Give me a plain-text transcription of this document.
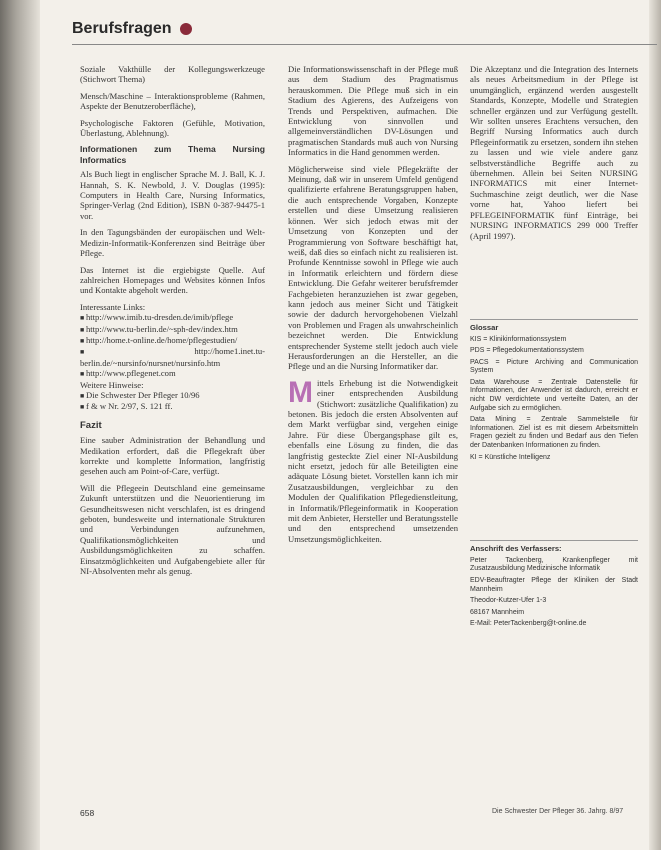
Berufsfragen

Soziale Vakthülle der Kollegungswerkzeuge (Stichwort Thema)

Mensch/Maschine – Interaktionsprobleme (Rahmen, Aspekte der Benutzeroberfläche),

Psychologische Faktoren (Gefühle, Motivation, Überlastung, Ablehnung).

Informationen zum Thema Nursing Informatics

Als Buch liegt in englischer Sprache M. J. Ball, K. J. Hannah, S. K. Newbold, J. V. Douglas (1995): Computers in Health Care, Nursing Informatics, Springer-Verlag (2nd Edition), ISBN 0-387-94475-1 vor.

In den Tagungsbänden der europäischen und Welt-Medizin-Informatik-Konferenzen sind Beiträge über Pflege.

Das Internet ist die ergiebigste Quelle. Auf zahlreichen Homepages und Websites können Infos und Kontakte abgeholt werden.

Interessante Links:
■ http://www.imib.tu-dresden.de/imib/pflege
■ http://www.tu-berlin.de/~sph-dev/index.htm
■ http://home.t-online.de/home/pflegestudien/
■ http://home1.inet.tu-berlin.de/~nursinfo/nursnet/nursinfo.htm
■ http://www.pflegenet.com
Weitere Hinweise:
■ Die Schwester Der Pfleger 10/96
■ f & w Nr. 2/97, S. 121 ff.
Fazit

Eine sauber Administration der Behandlung und Medikation erfordert, daß die Pflegekraft über korrekte und komplette Information, langfristig gesehen auch am Point-of-Care, verfügt.

Will die Pflegeein Deutschland eine gemeinsame Zukunft unterstützen und die Neuorientierung im Gesundheitswesen nicht verschlafen, ist es dringend geboten, bundesweite und internationale Strukturen und Verbindungen aufzunehmen, Qualifikationsmöglichkeiten und Ausbildungsmöglichkeiten zu schaffen. Einsatzmöglichkeiten und Aufgabengebiete aller für NI-Absolventen mehr als genug.

Die Informationswissenschaft in der Pflege muß aus dem Stadium des Pragmatismus herauskommen. Die Pflege muß sich in ein Stadium des Agierens, des Aufzeigens von Trends und Perspektiven, aufmachen. Die Entwicklung von sinnvollen und allgemeinverständlichen DV-Lösungen und pragmatischen Standards muß auch von Nursing Informatics in die Hand genommen werden.

Möglicherweise sind viele Pflegekräfte der Meinung, daß wir in unserem Umfeld genügend qualifizierte erfahrene Beratungsgruppen haben, die auch entsprechende Vorgaben, Konzepte erstellen und diese Umsetzung realisieren können. Wer sich jedoch etwas mit der Umsetzung von Konzepten und der Programmierung von Software beschäftigt hat, weiß, daß dies so einfach nicht zu realisieren ist. Profunde Kenntnisse sowohl in Pflege wie auch in Informatik erleichtern und fördern diese Entwicklung. Die Gefahr weiterer berufsfremder Fachgebieten heranzuziehen ist zwar gegeben, kann jedoch aus meiner Sicht und Tätigkeit sowie der dadurch hervorgehobenen Vielzahl von Problemen und Fragen als unwahrscheinlich bezeichnet werden. Die Entwicklung entsprechender Systeme stellt jedoch auch viele Herausforderungen an die Hersteller, an die Pflege und an die Nursing Informatiker dar.

Mittels Erhebung ist die Notwendigkeit einer entsprechenden Ausbildung (Stichwort: zusätzliche Qualifikation) zu betonen. Bis jedoch die ersten Absolventen auf dem Markt verfügbar sind, vergehen einige Jahre. Für diese Übergangsphase gilt es, ebenfalls eine Lösung zu finden, die das langfristig gesteckte Ziel einer NI-Ausbildung nicht ersetzt, jedoch für alle Beteiligten eine adäquate Lösung bietet. Vorstellen kann ich mir Zusatzausbildungen, vergleichbar zu den Modulen der Qualifikation Pflegedienstleitung, in Informatik/Pflegeinformatik in Kooperation mit dem Anbieter, Hersteller und Beratungsstelle und den entsprechend umsetzenden Umsetzungsmöglichkeiten.

Die Akzeptanz und die Integration des Internets als neues Arbeitsmedium in der Pflege ist unumgänglich, ergänzend werden ausgestellt Standards, Konzepte, Modelle und Strategien schneller ergänzen und zur Verfügung gestellt. Wir sollten unseres Erachtens versuchen, den Begriff Nursing Informatics auch durch Pflegeinformatik zu ersetzen, sondern ihn stehen zu lassen und wie viele andere ganz selbstverständliche Begriffe auch zu übernehmen. Allein bei Seiten NURSING INFORMATICS mit einer Internet-Suchmaschine zeigt deutlich, wer die Nase vorne hat, Yahoo liefert bei PFLEGEINFORMATIK fünf Einträge, bei NURSING INFORMATICS 299 000 Treffer (April 1997).

Glossar

KIS = Klinikinformationssystem

PDS = Pflegedokumentationssystem

PACS = Picture Archiving and Communication System

Data Warehouse = Zentrale Datenstelle für Informationen, der Anwender ist dadurch, erreicht er nicht DW verdichtete und verteilte Daten, an der Aufgabe sich zu ermöglichen.

Data Mining = Zentrale Sammelstelle für Informationen. Ziel ist es mit diesem Arbeitsmitteln Fragen gezielt zu finden und Bedarf aus den Tiefen der Datenbanken Informationen zu finden.

KI = Künstliche Intelligenz

Anschrift des Verfassers:

Peter Tackenberg, Krankenpfleger mit Zusatzausbildung Medizinische Informatik

EDV-Beauftragter Pflege der Kliniken der Stadt Mannheim

Theodor-Kutzer-Ufer 1-3

68167 Mannheim

E-Mail: PeterTackenberg@t-online.de

658	Die Schwester Der Pfleger 36. Jahrg. 8/97
